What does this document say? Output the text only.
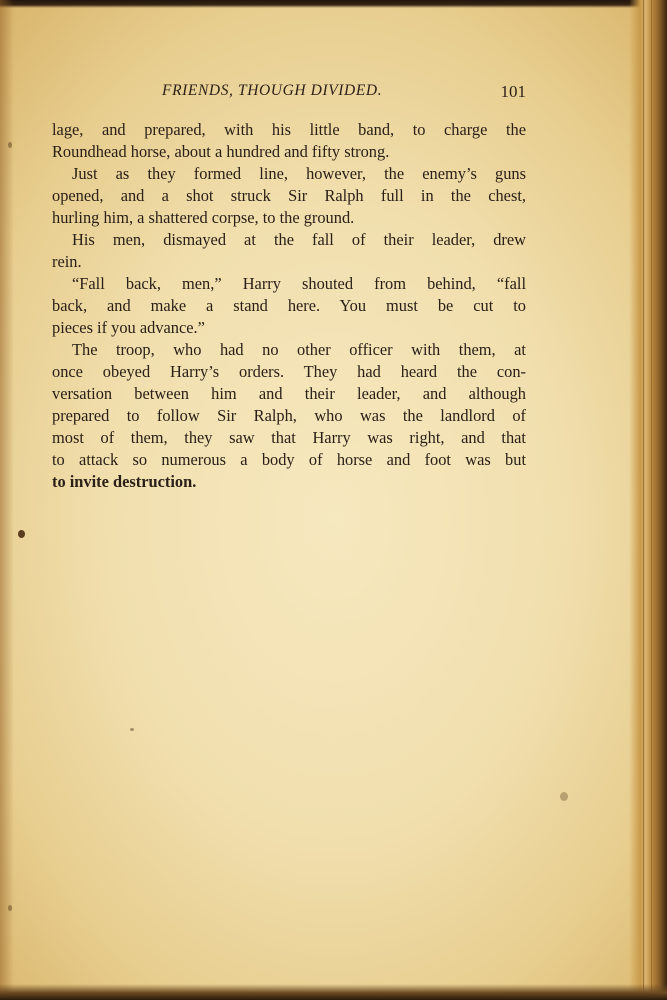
FRIENDS, THOUGH DIVIDED.	101
lage, and prepared, with his little band, to charge the
Roundhead horse, about a hundred and fifty strong.
Just as they formed line, however, the enemy’s guns
opened, and a shot struck Sir Ralph full in the chest,
hurling him, a shattered corpse, to the ground.
His men, dismayed at the fall of their leader, drew
rein.
“Fall back, men,” Harry shouted from behind, “fall
back, and make a stand here. You must be cut to
pieces if you advance.”
The troop, who had no other officer with them, at
once obeyed Harry’s orders. They had heard the con-
versation between him and their leader, and although
prepared to follow Sir Ralph, who was the landlord of
most of them, they saw that Harry was right, and that
to attack so numerous a body of horse and foot was but
to invite destruction.
